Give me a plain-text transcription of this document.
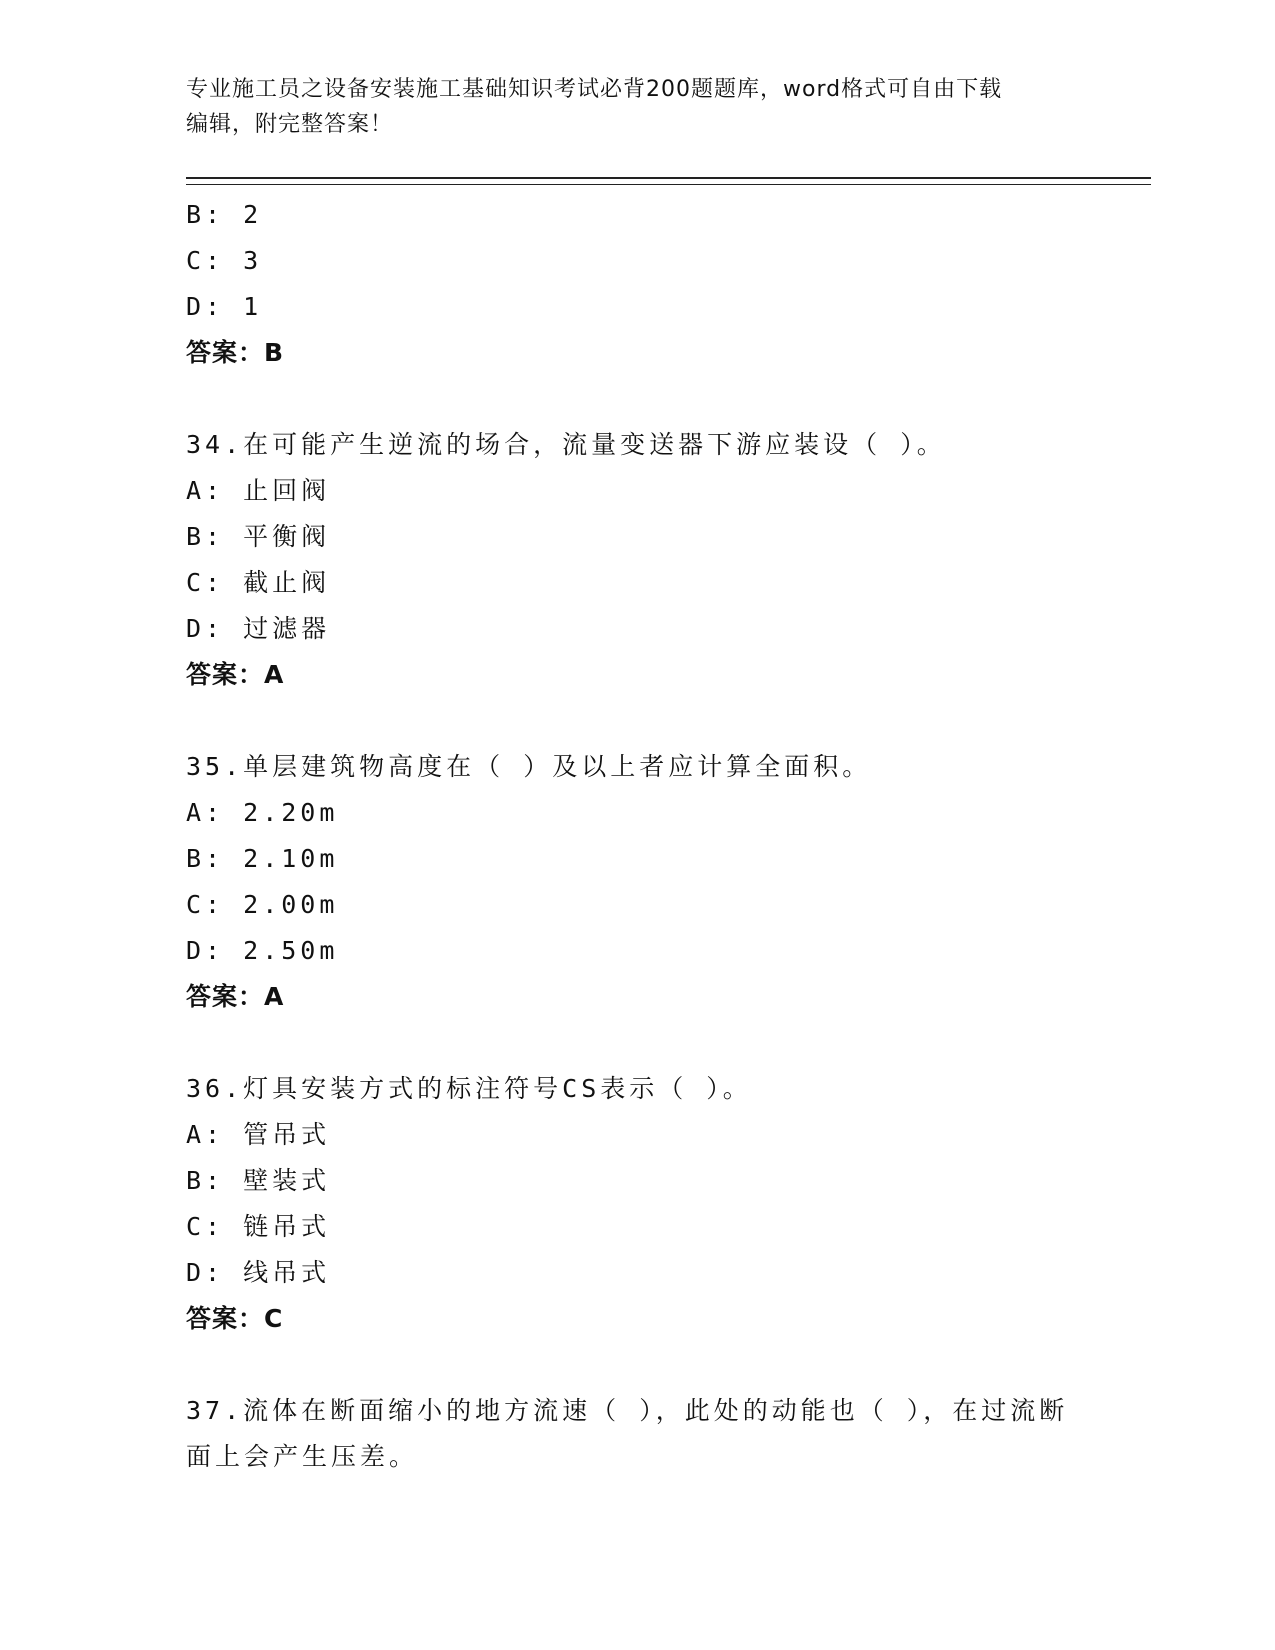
专业施工员之设备安装施工基础知识考试必背200题题库，word格式可自由下载
编辑，附完整答案！
B: 2
C: 3
D: 1
答案：B
34.在可能产生逆流的场合，流量变送器下游应装设（ ）。
A: 止回阀
B: 平衡阀
C: 截止阀
D: 过滤器
答案：A
35.单层建筑物高度在（ ）及以上者应计算全面积。
A: 2.20m
B: 2.10m
C: 2.00m
D: 2.50m
答案：A
36.灯具安装方式的标注符号CS表示（ ）。
A: 管吊式
B: 壁装式
C: 链吊式
D: 线吊式
答案：C
37.流体在断面缩小的地方流速（ ），此处的动能也（ ），在过流断
面上会产生压差。
